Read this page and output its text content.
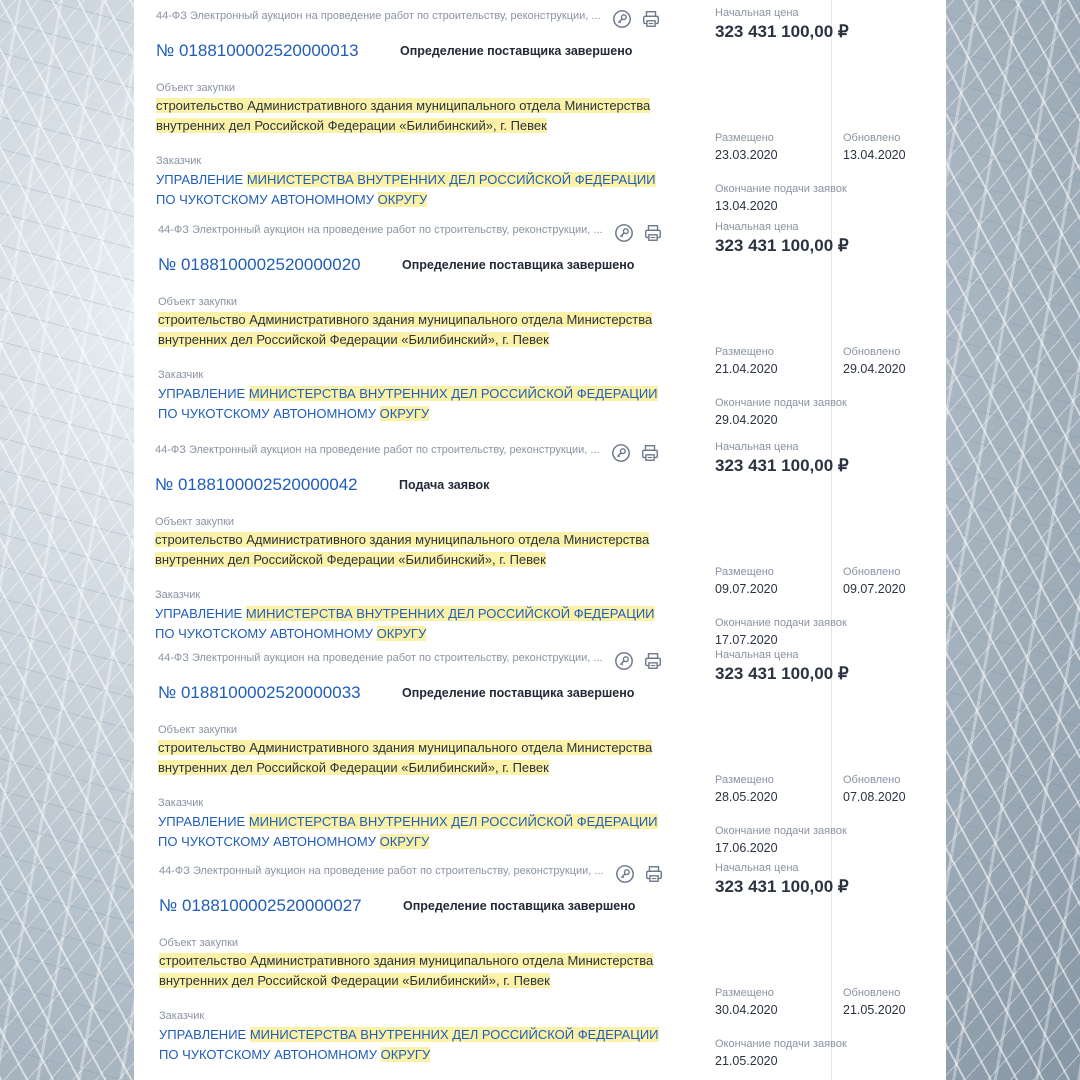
44-ФЗ Электронный аукцион на проведение работ по строительству, реконструкции, ...
№ 0188100002520000013	Определение поставщика завершено
Объект закупки
строительство Административного здания муниципального отдела Министерства внутренних дел Российской Федерации «Билибинский», г. Певек
Заказчик
УПРАВЛЕНИЕ МИНИСТЕРСТВА ВНУТРЕННИХ ДЕЛ РОССИЙСКОЙ ФЕДЕРАЦИИ ПО ЧУКОТСКОМУ АВТОНОМНОМУ ОКРУГУ
Начальная цена
323 431 100,00 ₽
Размещено
23.03.2020
Обновлено
13.04.2020
Окончание подачи заявок
13.04.2020
44-ФЗ Электронный аукцион на проведение работ по строительству, реконструкции, ...
№ 0188100002520000020	Определение поставщика завершено
Объект закупки
строительство Административного здания муниципального отдела Министерства внутренних дел Российской Федерации «Билибинский», г. Певек
Заказчик
УПРАВЛЕНИЕ МИНИСТЕРСТВА ВНУТРЕННИХ ДЕЛ РОССИЙСКОЙ ФЕДЕРАЦИИ ПО ЧУКОТСКОМУ АВТОНОМНОМУ ОКРУГУ
Начальная цена
323 431 100,00 ₽
Размещено
21.04.2020
Обновлено
29.04.2020
Окончание подачи заявок
29.04.2020
44-ФЗ Электронный аукцион на проведение работ по строительству, реконструкции, ...
№ 0188100002520000042	Подача заявок
Объект закупки
строительство Административного здания муниципального отдела Министерства внутренних дел Российской Федерации «Билибинский», г. Певек
Заказчик
УПРАВЛЕНИЕ МИНИСТЕРСТВА ВНУТРЕННИХ ДЕЛ РОССИЙСКОЙ ФЕДЕРАЦИИ ПО ЧУКОТСКОМУ АВТОНОМНОМУ ОКРУГУ
Начальная цена
323 431 100,00 ₽
Размещено
09.07.2020
Обновлено
09.07.2020
Окончание подачи заявок
17.07.2020
44-ФЗ Электронный аукцион на проведение работ по строительству, реконструкции, ...
№ 0188100002520000033	Определение поставщика завершено
Объект закупки
строительство Административного здания муниципального отдела Министерства внутренних дел Российской Федерации «Билибинский», г. Певек
Заказчик
УПРАВЛЕНИЕ МИНИСТЕРСТВА ВНУТРЕННИХ ДЕЛ РОССИЙСКОЙ ФЕДЕРАЦИИ ПО ЧУКОТСКОМУ АВТОНОМНОМУ ОКРУГУ
Начальная цена
323 431 100,00 ₽
Размещено
28.05.2020
Обновлено
07.08.2020
Окончание подачи заявок
17.06.2020
44-ФЗ Электронный аукцион на проведение работ по строительству, реконструкции, ...
№ 0188100002520000027	Определение поставщика завершено
Объект закупки
строительство Административного здания муниципального отдела Министерства внутренних дел Российской Федерации «Билибинский», г. Певек
Заказчик
УПРАВЛЕНИЕ МИНИСТЕРСТВА ВНУТРЕННИХ ДЕЛ РОССИЙСКОЙ ФЕДЕРАЦИИ ПО ЧУКОТСКОМУ АВТОНОМНОМУ ОКРУГУ
Начальная цена
323 431 100,00 ₽
Размещено
30.04.2020
Обновлено
21.05.2020
Окончание подачи заявок
21.05.2020
